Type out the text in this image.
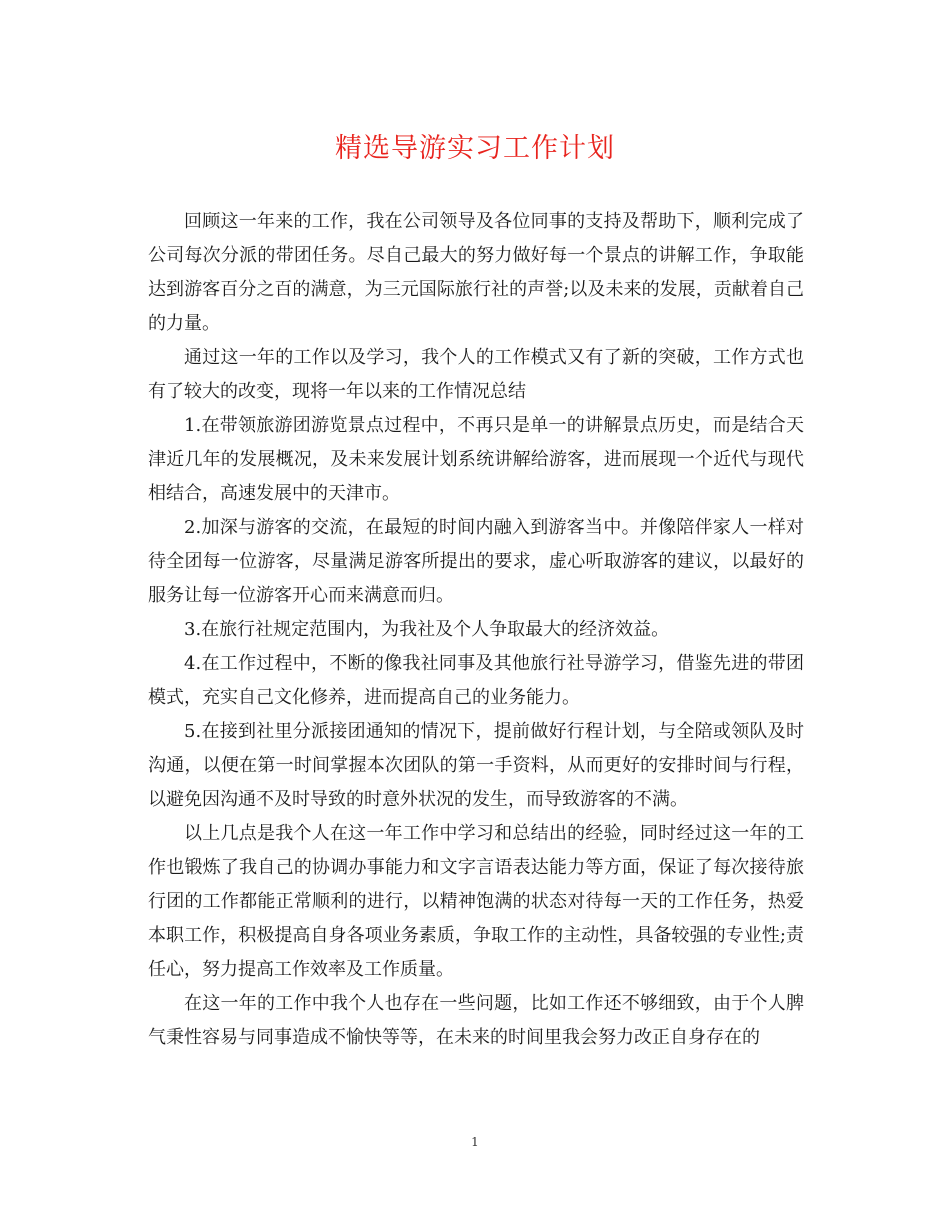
精选导游实习工作计划

回顾这一年来的工作，我在公司领导及各位同事的支持及帮助下，顺利完成了公司每次分派的带团任务。尽自己最大的努力做好每一个景点的讲解工作，争取能达到游客百分之百的满意，为三元国际旅行社的声誉;以及未来的发展，贡献着自己的力量。

通过这一年的工作以及学习，我个人的工作模式又有了新的突破，工作方式也有了较大的改变，现将一年以来的工作情况总结

1.在带领旅游团游览景点过程中，不再只是单一的讲解景点历史，而是结合天津近几年的发展概况，及未来发展计划系统讲解给游客，进而展现一个近代与现代相结合，高速发展中的天津市。

2.加深与游客的交流，在最短的时间内融入到游客当中。并像陪伴家人一样对待全团每一位游客，尽量满足游客所提出的要求，虚心听取游客的建议，以最好的服务让每一位游客开心而来满意而归。

3.在旅行社规定范围内，为我社及个人争取最大的经济效益。

4.在工作过程中，不断的像我社同事及其他旅行社导游学习，借鉴先进的带团模式，充实自己文化修养，进而提高自己的业务能力。

5.在接到社里分派接团通知的情况下，提前做好行程计划，与全陪或领队及时沟通，以便在第一时间掌握本次团队的第一手资料，从而更好的安排时间与行程，以避免因沟通不及时导致的时意外状况的发生，而导致游客的不满。

以上几点是我个人在这一年工作中学习和总结出的经验，同时经过这一年的工作也锻炼了我自己的协调办事能力和文字言语表达能力等方面，保证了每次接待旅行团的工作都能正常顺利的进行，以精神饱满的状态对待每一天的工作任务，热爱本职工作，积极提高自身各项业务素质，争取工作的主动性，具备较强的专业性;责任心，努力提高工作效率及工作质量。

在这一年的工作中我个人也存在一些问题，比如工作还不够细致，由于个人脾气秉性容易与同事造成不愉快等等，在未来的时间里我会努力改正自身存在的

1
